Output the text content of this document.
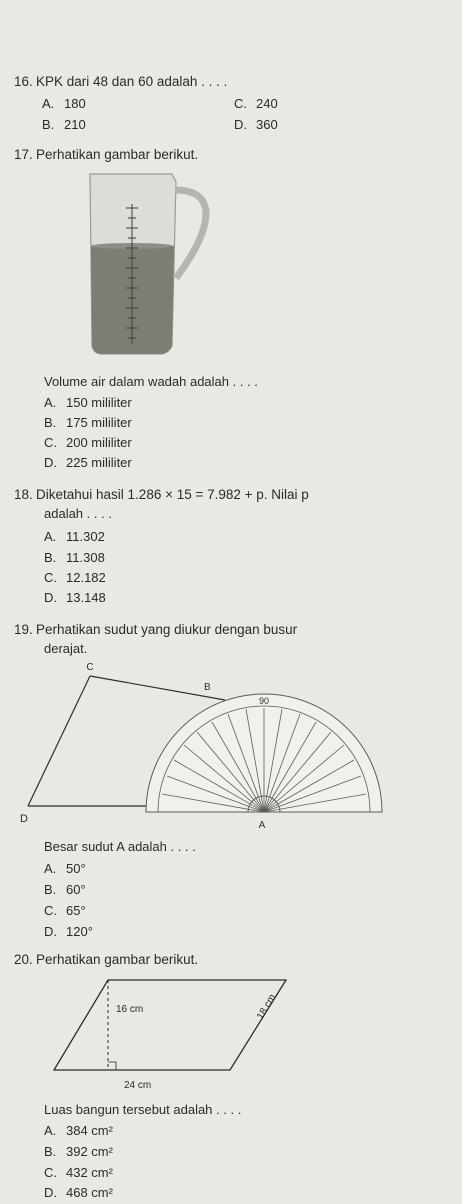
16. KPK dari 48 dan 60 adalah . . . .
A. 180	C. 240
B. 210	D. 360
17. Perhatikan gambar berikut.
Volume air dalam wadah adalah . . . .
A. 150 mililiter
B. 175 mililiter
C. 200 mililiter
D. 225 mililiter
18. Diketahui hasil 1.286 × 15 = 7.982 + p. Nilai p
adalah . . . .
A. 11.302
B. 11.308
C. 12.182
D. 13.148
19. Perhatikan sudut yang diukur dengan busur
derajat.
C
B
D
A
90
Besar sudut A adalah . . . .
A. 50°
B. 60°
C. 65°
D. 120°
20. Perhatikan gambar berikut.
16 cm	18 cm
24 cm
Luas bangun tersebut adalah . . . .
A. 384 cm²
B. 392 cm²
C. 432 cm²
D. 468 cm²
